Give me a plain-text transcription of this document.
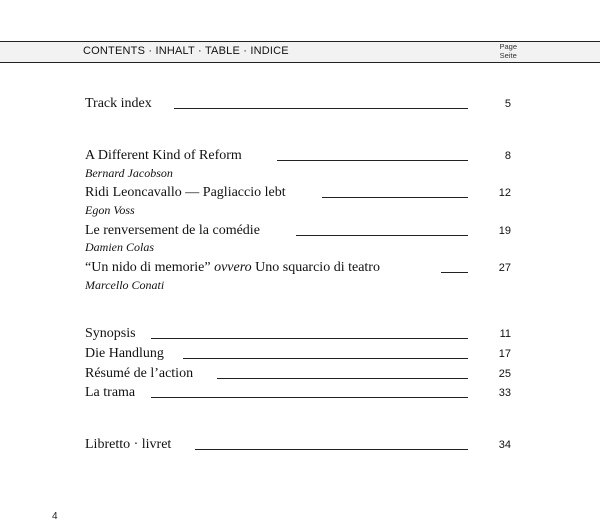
CONTENTS · INHALT · TABLE · INDICE	Page
Seite
Track index	5
A Different Kind of Reform	8
Bernard Jacobson
Ridi Leoncavallo — Pagliaccio lebt	12
Egon Voss
Le renversement de la comédie	19
Damien Colas
“Un nido di memorie” ovvero Uno squarcio di teatro	27
Marcello Conati
Synopsis	11
Die Handlung	17
Résumé de l’action	25
La trama	33
Libretto · livret	34
4
